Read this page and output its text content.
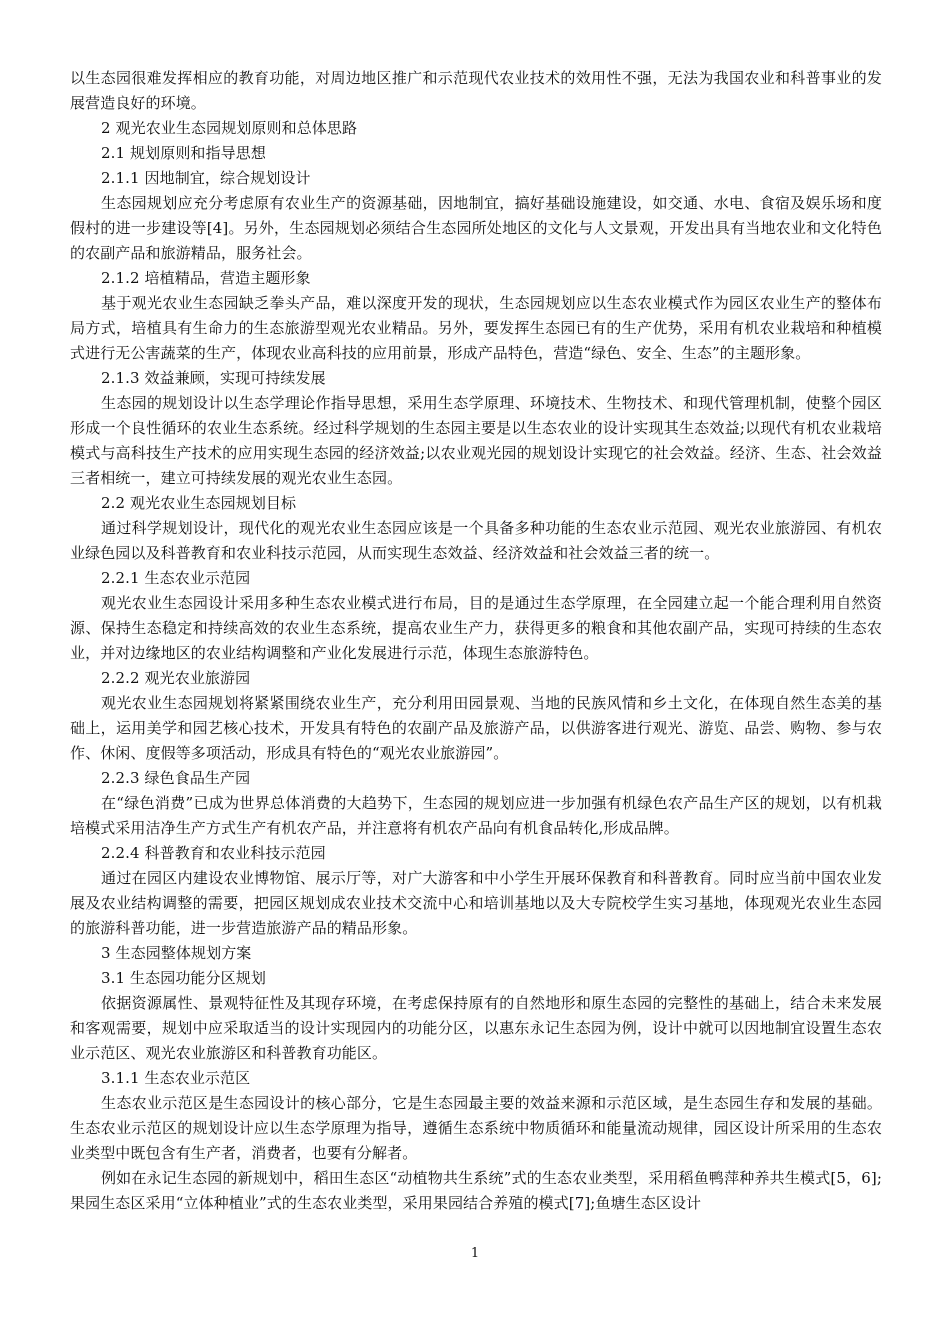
以生态园很难发挥相应的教育功能，对周边地区推广和示范现代农业技术的效用性不强，无法为我国农业和科普事业的发展营造良好的环境。

2 观光农业生态园规划原则和总体思路

2.1 规划原则和指导思想

2.1.1 因地制宜，综合规划设计

生态园规划应充分考虑原有农业生产的资源基础，因地制宜，搞好基础设施建设，如交通、水电、食宿及娱乐场和度假村的进一步建设等[4]。另外，生态园规划必须结合生态园所处地区的文化与人文景观，开发出具有当地农业和文化特色的农副产品和旅游精品，服务社会。

2.1.2 培植精品，营造主题形象

基于观光农业生态园缺乏拳头产品，难以深度开发的现状，生态园规划应以生态农业模式作为园区农业生产的整体布局方式，培植具有生命力的生态旅游型观光农业精品。另外，要发挥生态园已有的生产优势，采用有机农业栽培和种植模式进行无公害蔬菜的生产，体现农业高科技的应用前景，形成产品特色，营造“绿色、安全、生态”的主题形象。

2.1.3 效益兼顾，实现可持续发展

生态园的规划设计以生态学理论作指导思想，采用生态学原理、环境技术、生物技术、和现代管理机制，使整个园区形成一个良性循环的农业生态系统。经过科学规划的生态园主要是以生态农业的设计实现其生态效益;以现代有机农业栽培模式与高科技生产技术的应用实现生态园的经济效益;以农业观光园的规划设计实现它的社会效益。经济、生态、社会效益三者相统一，建立可持续发展的观光农业生态园。

2.2 观光农业生态园规划目标

通过科学规划设计，现代化的观光农业生态园应该是一个具备多种功能的生态农业示范园、观光农业旅游园、有机农业绿色园以及科普教育和农业科技示范园，从而实现生态效益、经济效益和社会效益三者的统一。

2.2.1 生态农业示范园

观光农业生态园设计采用多种生态农业模式进行布局，目的是通过生态学原理，在全园建立起一个能合理利用自然资源、保持生态稳定和持续高效的农业生态系统，提高农业生产力，获得更多的粮食和其他农副产品，实现可持续的生态农业，并对边缘地区的农业结构调整和产业化发展进行示范，体现生态旅游特色。

2.2.2 观光农业旅游园

观光农业生态园规划将紧紧围绕农业生产，充分利用田园景观、当地的民族风情和乡土文化，在体现自然生态美的基础上，运用美学和园艺核心技术，开发具有特色的农副产品及旅游产品，以供游客进行观光、游览、品尝、购物、参与农作、休闲、度假等多项活动，形成具有特色的“观光农业旅游园”。

2.2.3 绿色食品生产园

在“绿色消费”已成为世界总体消费的大趋势下，生态园的规划应进一步加强有机绿色农产品生产区的规划，以有机栽培模式采用洁净生产方式生产有机农产品，并注意将有机农产品向有机食品转化,形成品牌。

2.2.4 科普教育和农业科技示范园

通过在园区内建设农业博物馆、展示厅等，对广大游客和中小学生开展环保教育和科普教育。同时应当前中国农业发展及农业结构调整的需要，把园区规划成农业技术交流中心和培训基地以及大专院校学生实习基地，体现观光农业生态园的旅游科普功能，进一步营造旅游产品的精品形象。

3 生态园整体规划方案

3.1 生态园功能分区规划

依据资源属性、景观特征性及其现存环境，在考虑保持原有的自然地形和原生态园的完整性的基础上，结合未来发展和客观需要，规划中应采取适当的设计实现园内的功能分区，以惠东永记生态园为例，设计中就可以因地制宜设置生态农业示范区、观光农业旅游区和科普教育功能区。

3.1.1 生态农业示范区

生态农业示范区是生态园设计的核心部分，它是生态园最主要的效益来源和示范区域，是生态园生存和发展的基础。生态农业示范区的规划设计应以生态学原理为指导，遵循生态系统中物质循环和能量流动规律，园区设计所采用的生态农业类型中既包含有生产者，消费者，也要有分解者。

例如在永记生态园的新规划中，稻田生态区“动植物共生系统”式的生态农业类型，采用稻鱼鸭萍种养共生模式[5，6];果园生态区采用“立体种植业”式的生态农业类型，采用果园结合养殖的模式[7];鱼塘生态区设计

1
